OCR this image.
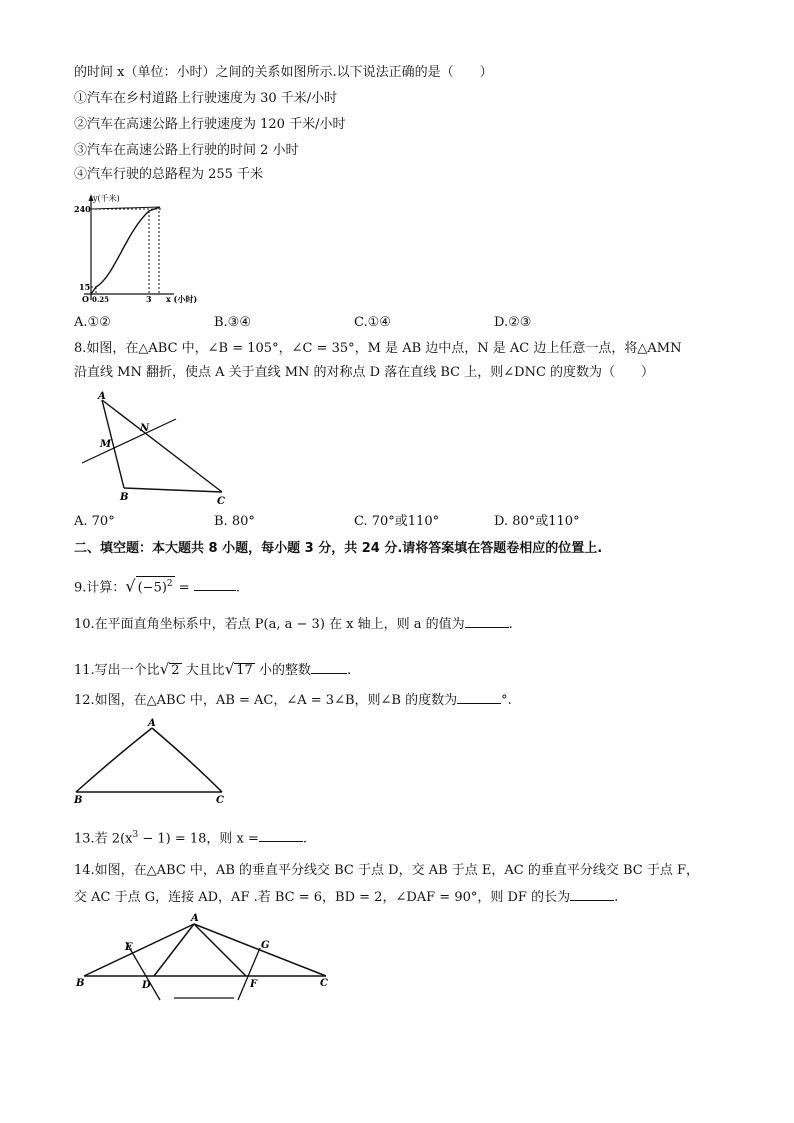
的时间 x（单位：小时）之间的关系如图所示.以下说法正确的是（　　）
①汽车在乡村道路上行驶速度为 30 千米/小时
②汽车在高速公路上行驶速度为 120 千米/小时
③汽车在高速公路上行驶的时间 2 小时
④汽车行驶的总路程为 255 千米
y(千米)
240
15
O 0.25	3 x (小时)
A.①②	B.③④	C.①④	D.②③
8.如图，在△ABC 中，∠B = 105°，∠C = 35°，M 是 AB 边中点，N 是 AC 边上任意一点，将△AMN
沿直线 MN 翻折，使点 A 关于直线 MN 的对称点 D 落在直线 BC 上，则∠DNC 的度数为（　　）
A
M
N
B	C
A. 70°	B. 80°	C. 70°或110°	D. 80°或110°
二、填空题：本大题共 8 小题，每小题 3 分，共 24 分.请将答案填在答题卷相应的位置上.
9.计算：√ $(-5)^2$ =	.
10.在平面直角坐标系中，若点 P(a, a − 3) 在 x 轴上，则 a 的值为	.
11.写出一个比√ 2 大且比√ 17 小的整数	.
12.如图，在△ABC 中，AB = AC，∠A = 3∠B，则∠B 的度数为	°.
A
B	C
13.若 $2(x^3 - 1) = 18$，则 x =	.
14.如图，在△ABC 中，AB 的垂直平分线交 BC 于点 D，交 AB 于点 E，AC 的垂直平分线交 BC 于点 F，
交 AC 于点 G，连接 AD，AF .若 BC = 6，BD = 2，∠DAF = 90°，则 DF 的长为	.
A
B	C
D
E
F
G
